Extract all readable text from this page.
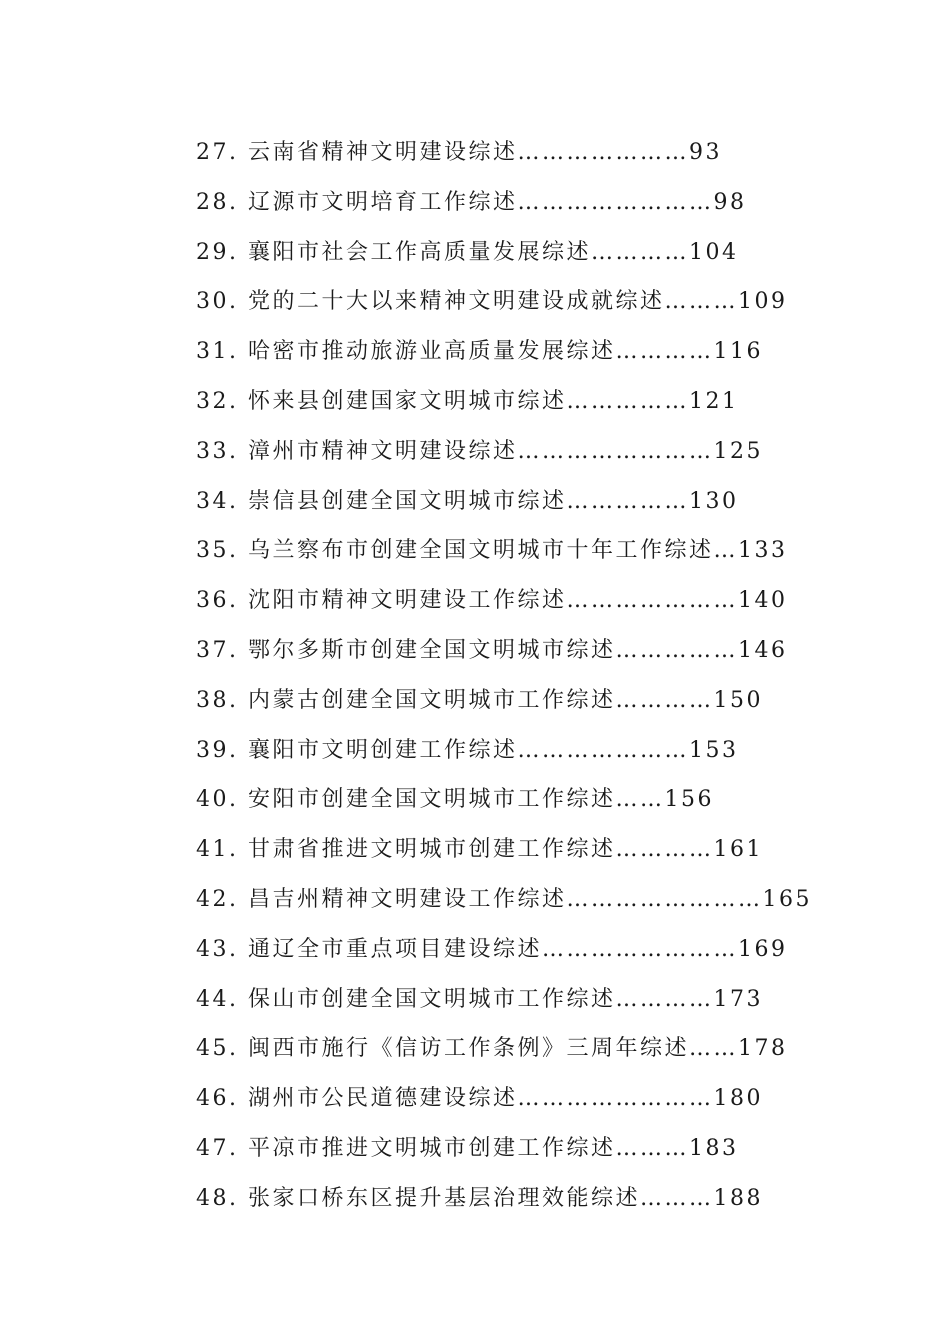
27. 云南省精神文明建设综述…………………93
28. 辽源市文明培育工作综述……………………98
29. 襄阳市社会工作高质量发展综述…………104
30. 党的二十大以来精神文明建设成就综述………109
31. 哈密市推动旅游业高质量发展综述…………116
32. 怀来县创建国家文明城市综述……………121
33. 漳州市精神文明建设综述……………………125
34. 崇信县创建全国文明城市综述……………130
35. 乌兰察布市创建全国文明城市十年工作综述…133
36. 沈阳市精神文明建设工作综述…………………140
37. 鄂尔多斯市创建全国文明城市综述……………146
38. 内蒙古创建全国文明城市工作综述…………150
39. 襄阳市文明创建工作综述…………………153
40. 安阳市创建全国文明城市工作综述……156
41. 甘肃省推进文明城市创建工作综述…………161
42. 昌吉州精神文明建设工作综述……………………165
43. 通辽全市重点项目建设综述……………………169
44. 保山市创建全国文明城市工作综述…………173
45. 闽西市施行《信访工作条例》三周年综述……178
46. 湖州市公民道德建设综述……………………180
47. 平凉市推进文明城市创建工作综述………183
48. 张家口桥东区提升基层治理效能综述………188
